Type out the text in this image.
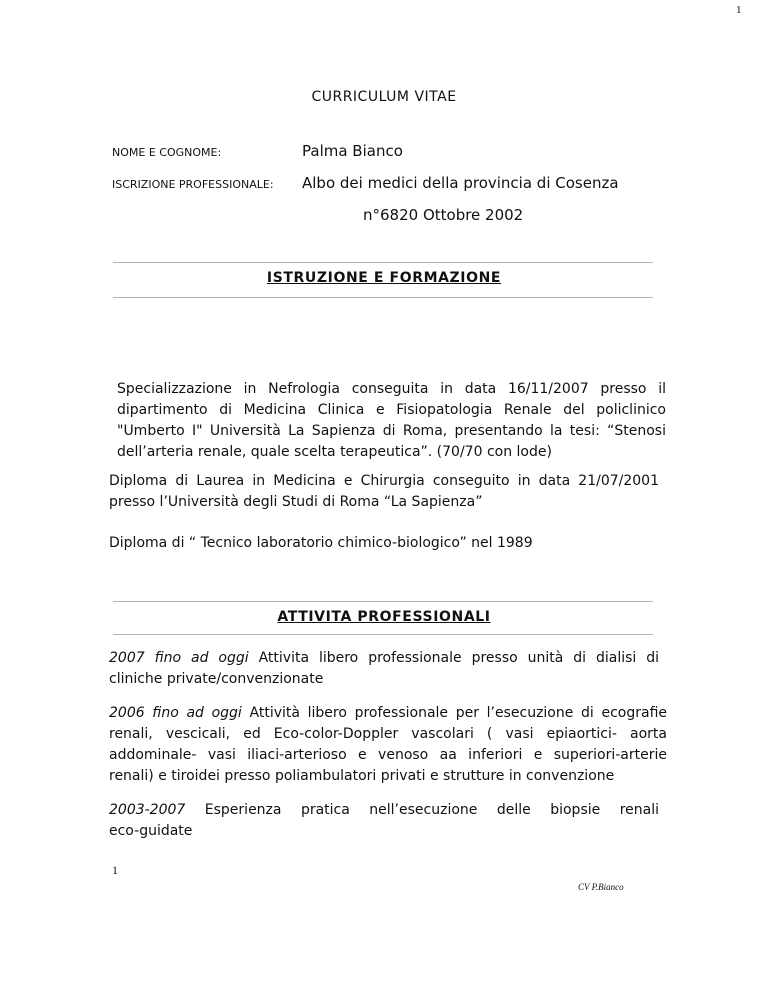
1
CURRICULUM VITAE
NOME E COGNOME:	Palma Bianco
ISCRIZIONE PROFESSIONALE: Albo dei medici della provincia di Cosenza
n°6820 Ottobre 2002
ISTRUZIONE E FORMAZIONE
Specializzazione in Nefrologia conseguita in data 16/11/2007 presso il
dipartimento di Medicina Clinica e Fisiopatologia Renale del policlinico
"Umberto I" Università La Sapienza di Roma, presentando la tesi: “Stenosi
dell’arteria renale, quale scelta terapeutica”. (70/70 con lode)
Diploma di Laurea in Medicina e Chirurgia conseguito in data 21/07/2001
presso l’Università degli Studi di Roma “La Sapienza”
Diploma di “ Tecnico laboratorio chimico-biologico” nel 1989
ATTIVITA PROFESSIONALI
2007 fino ad oggi Attivita libero professionale presso unità di dialisi di
cliniche private/convenzionate
2006 fino ad oggi Attività libero professionale per l’esecuzione di ecografie
renali, vescicali, ed Eco-color-Doppler vascolari ( vasi epiaortici- aorta
addominale- vasi iliaci-arterioso e venoso aa inferiori e superiori-arterie
renali) e tiroidei presso poliambulatori privati e strutture in convenzione
2003-2007 Esperienza pratica nell’esecuzione delle biopsie renali
eco-guidate
1
CV P.Bianco
